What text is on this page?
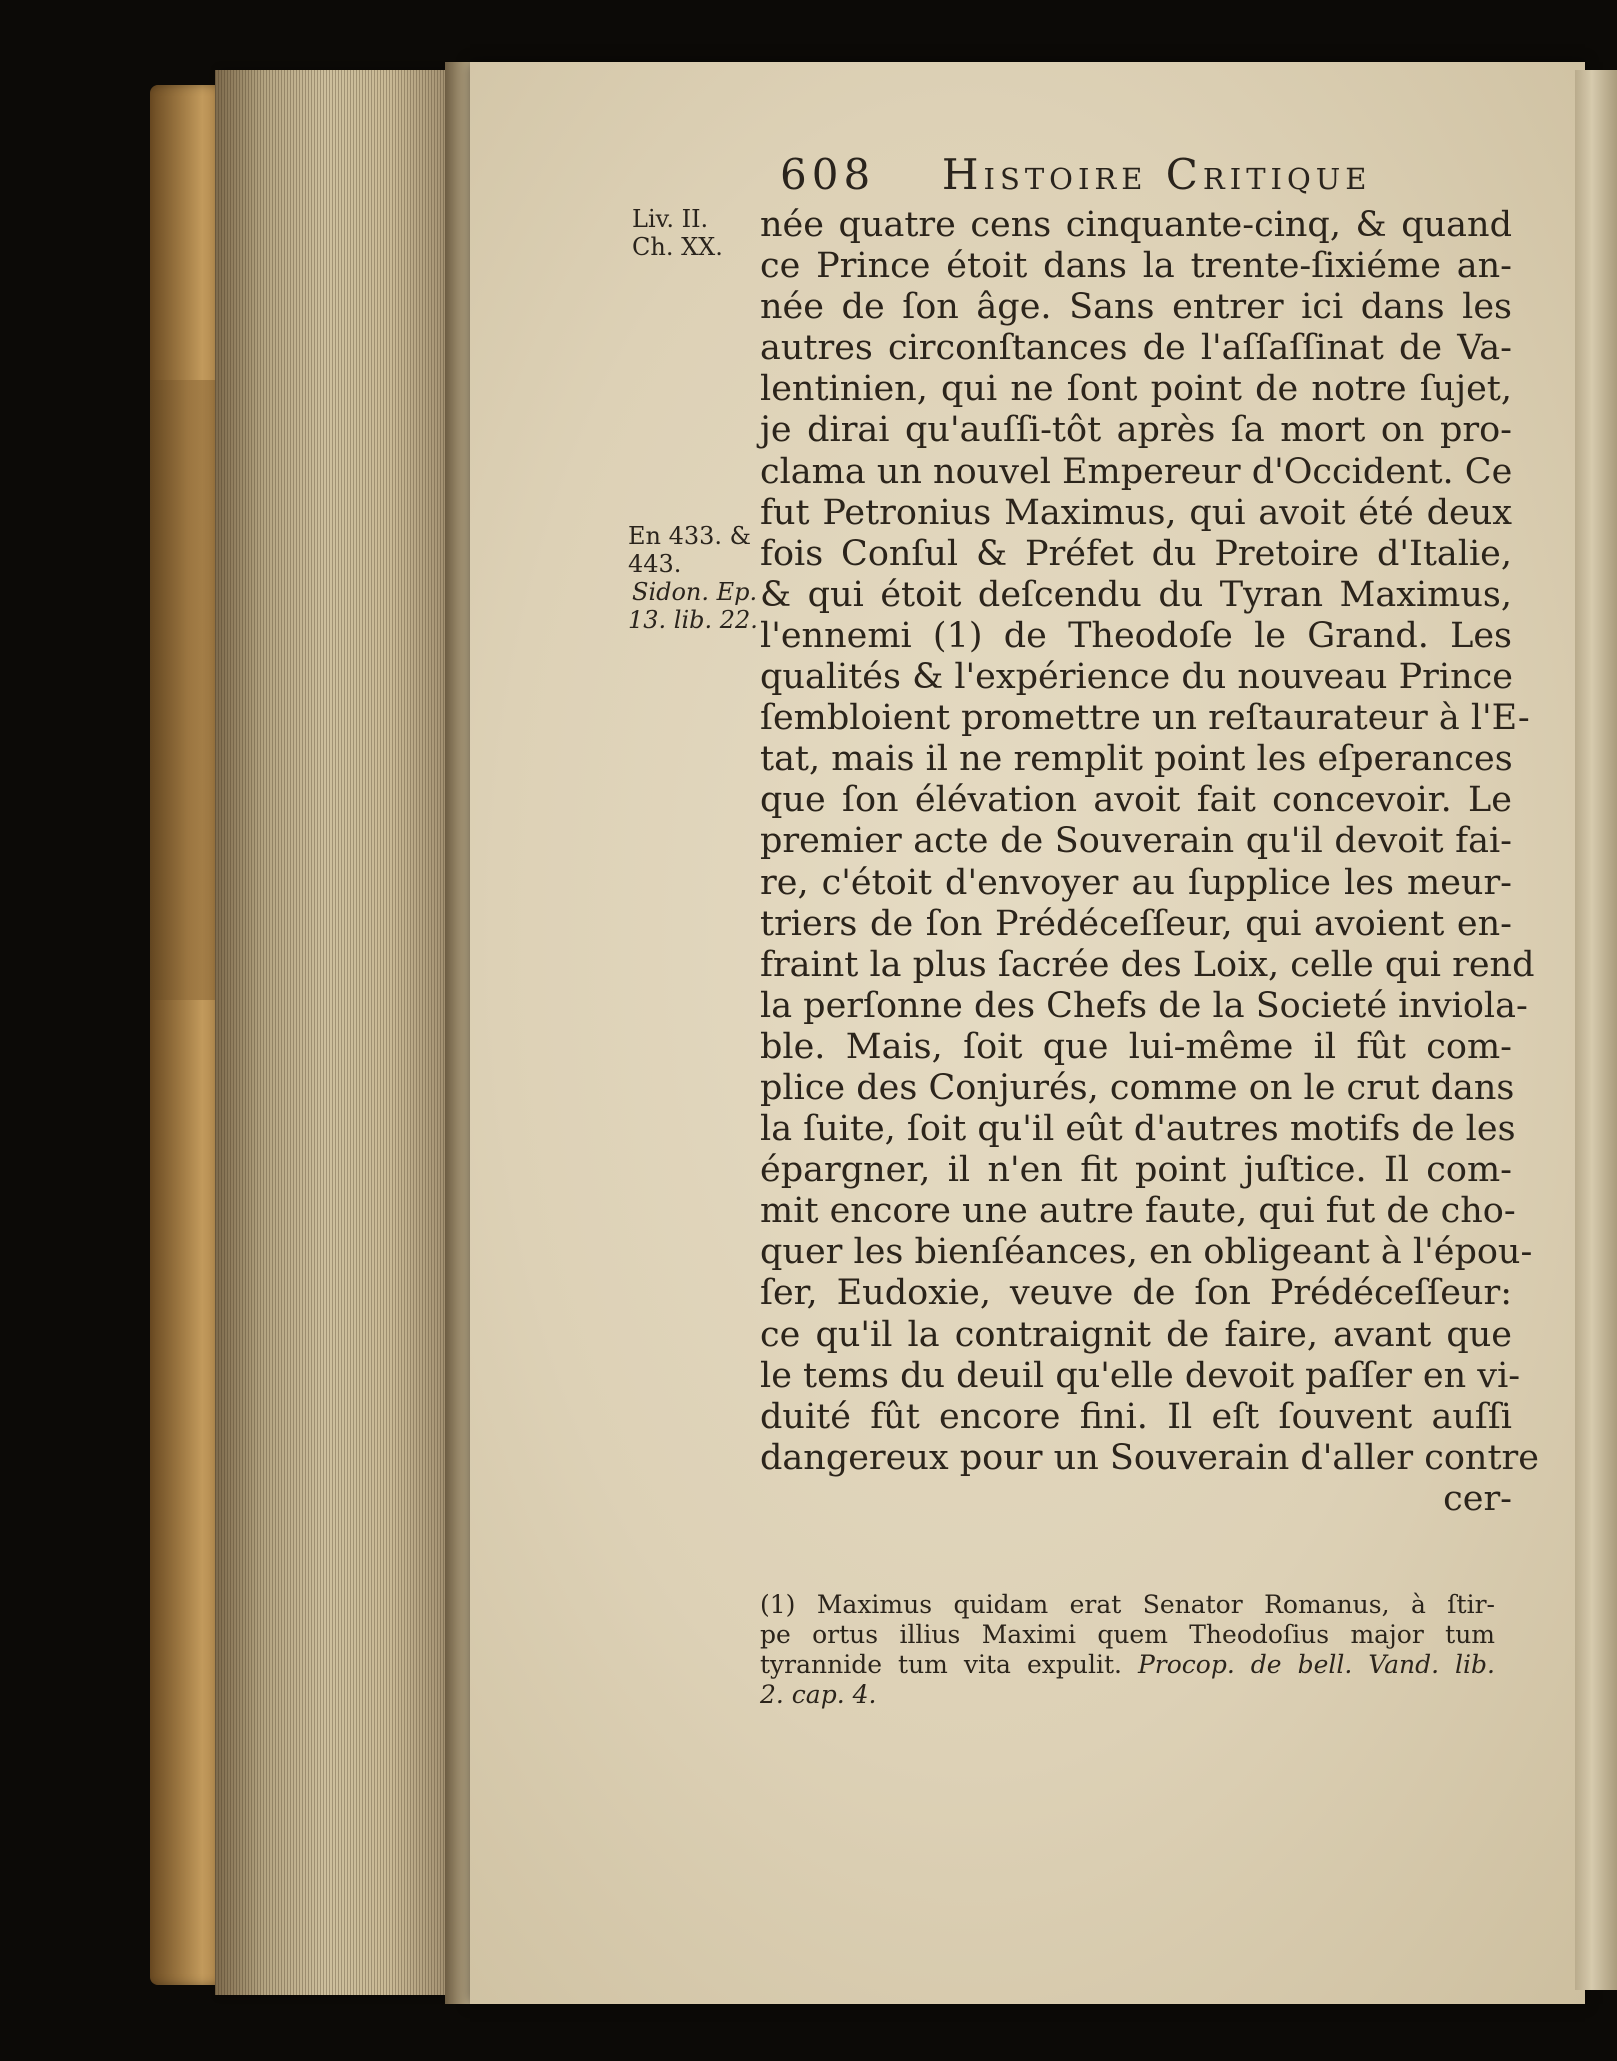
608 Histoire Critique
Liv. II.
Ch. XX.
En 433. &
443.
Sidon. Ep.
13. lib. 22.
née quatre cens cinquante-cinq, & quand
ce Prince étoit dans la trente-ſixiéme an-
née de ſon âge. Sans entrer ici dans les
autres circonſtances de l'aſſaſſinat de Va-
lentinien, qui ne ſont point de notre ſujet,
je dirai qu'auſſi-tôt après ſa mort on pro-
clama un nouvel Empereur d'Occident. Ce
fut Petronius Maximus, qui avoit été deux
fois Conſul & Préfet du Pretoire d'Italie,
& qui étoit deſcendu du Tyran Maximus,
l'ennemi (1) de Theodoſe le Grand. Les
qualités & l'expérience du nouveau Prince
ſembloient promettre un reſtaurateur à l'E-
tat, mais il ne remplit point les eſperances
que ſon élévation avoit fait concevoir. Le
premier acte de Souverain qu'il devoit fai-
re, c'étoit d'envoyer au ſupplice les meur-
triers de ſon Prédéceſſeur, qui avoient en-
fraint la plus ſacrée des Loix, celle qui rend
la perſonne des Chefs de la Societé inviola-
ble. Mais, ſoit que lui-même il fût com-
plice des Conjurés, comme on le crut dans
la ſuite, ſoit qu'il eût d'autres motifs de les
épargner, il n'en fit point juſtice. Il com-
mit encore une autre faute, qui fut de cho-
quer les bienſéances, en obligeant à l'épou-
ſer, Eudoxie, veuve de ſon Prédéceſſeur:
ce qu'il la contraignit de faire, avant que
le tems du deuil qu'elle devoit paſſer en vi-
duité fût encore fini. Il eſt ſouvent auſſi
dangereux pour un Souverain d'aller contre
cer-
(1) Maximus quidam erat Senator Romanus, à ſtir-
pe ortus illius Maximi quem Theodoſius major tum
tyrannide tum vita expulit. Procop. de bell. Vand. lib.
2. cap. 4.
